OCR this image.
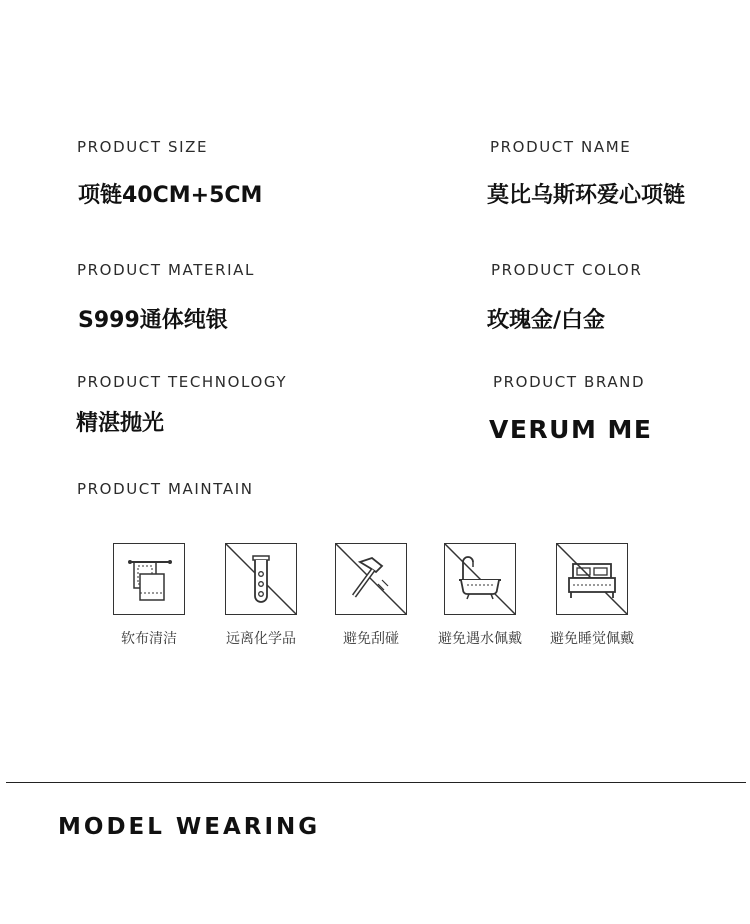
PRODUCT SIZE
项链40CM+5CM
PRODUCT NAME
莫比乌斯环爱心项链
PRODUCT MATERIAL
S999通体纯银
PRODUCT COLOR
玫瑰金/白金
PRODUCT TECHNOLOGY
精湛抛光
PRODUCT BRAND
VERUM ME
PRODUCT MAINTAIN
软布清洁	远离化学品	避免刮碰	避免遇水佩戴	避免睡觉佩戴
MODEL WEARING
